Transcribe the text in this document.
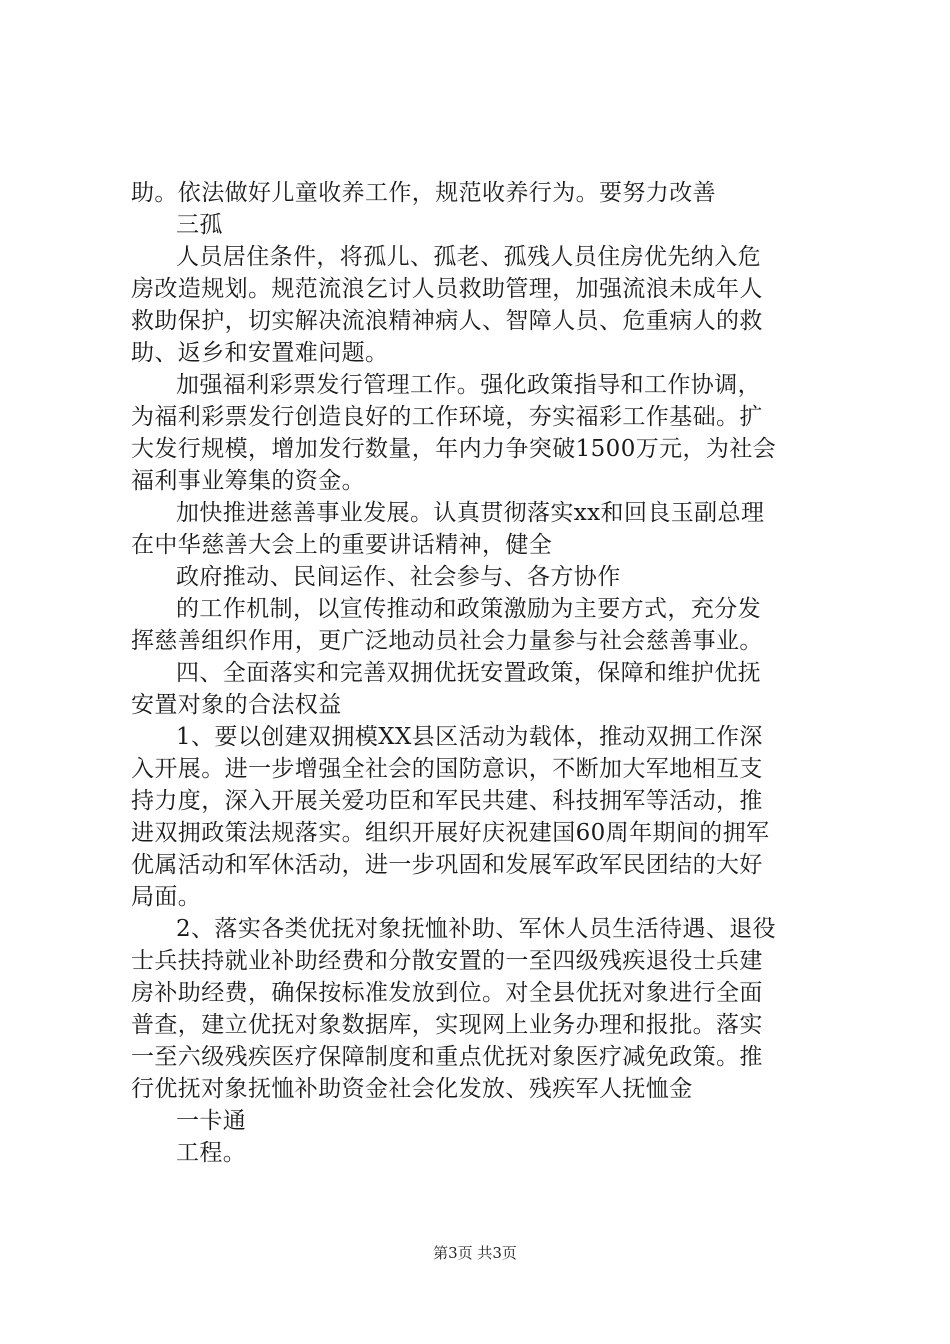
助。依法做好儿童收养工作，规范收养行为。要努力改善
三孤
人员居住条件，将孤儿、孤老、孤残人员住房优先纳入危
房改造规划。规范流浪乞讨人员救助管理，加强流浪未成年人
救助保护，切实解决流浪精神病人、智障人员、危重病人的救
助、返乡和安置难问题。
加强福利彩票发行管理工作。强化政策指导和工作协调，
为福利彩票发行创造良好的工作环境，夯实福彩工作基础。扩
大发行规模，增加发行数量，年内力争突破1500万元，为社会
福利事业筹集的资金。
加快推进慈善事业发展。认真贯彻落实xx和回良玉副总理
在中华慈善大会上的重要讲话精神，健全
政府推动、民间运作、社会参与、各方协作
的工作机制，以宣传推动和政策激励为主要方式，充分发
挥慈善组织作用，更广泛地动员社会力量参与社会慈善事业。
四、全面落实和完善双拥优抚安置政策，保障和维护优抚
安置对象的合法权益
1、要以创建双拥模XX县区活动为载体，推动双拥工作深
入开展。进一步增强全社会的国防意识，不断加大军地相互支
持力度，深入开展关爱功臣和军民共建、科技拥军等活动，推
进双拥政策法规落实。组织开展好庆祝建国60周年期间的拥军
优属活动和军休活动，进一步巩固和发展军政军民团结的大好
局面。
2、落实各类优抚对象抚恤补助、军休人员生活待遇、退役
士兵扶持就业补助经费和分散安置的一至四级残疾退役士兵建
房补助经费，确保按标准发放到位。对全县优抚对象进行全面
普查，建立优抚对象数据库，实现网上业务办理和报批。落实
一至六级残疾医疗保障制度和重点优抚对象医疗减免政策。推
行优抚对象抚恤补助资金社会化发放、残疾军人抚恤金
一卡通
工程。
第3页 共3页
